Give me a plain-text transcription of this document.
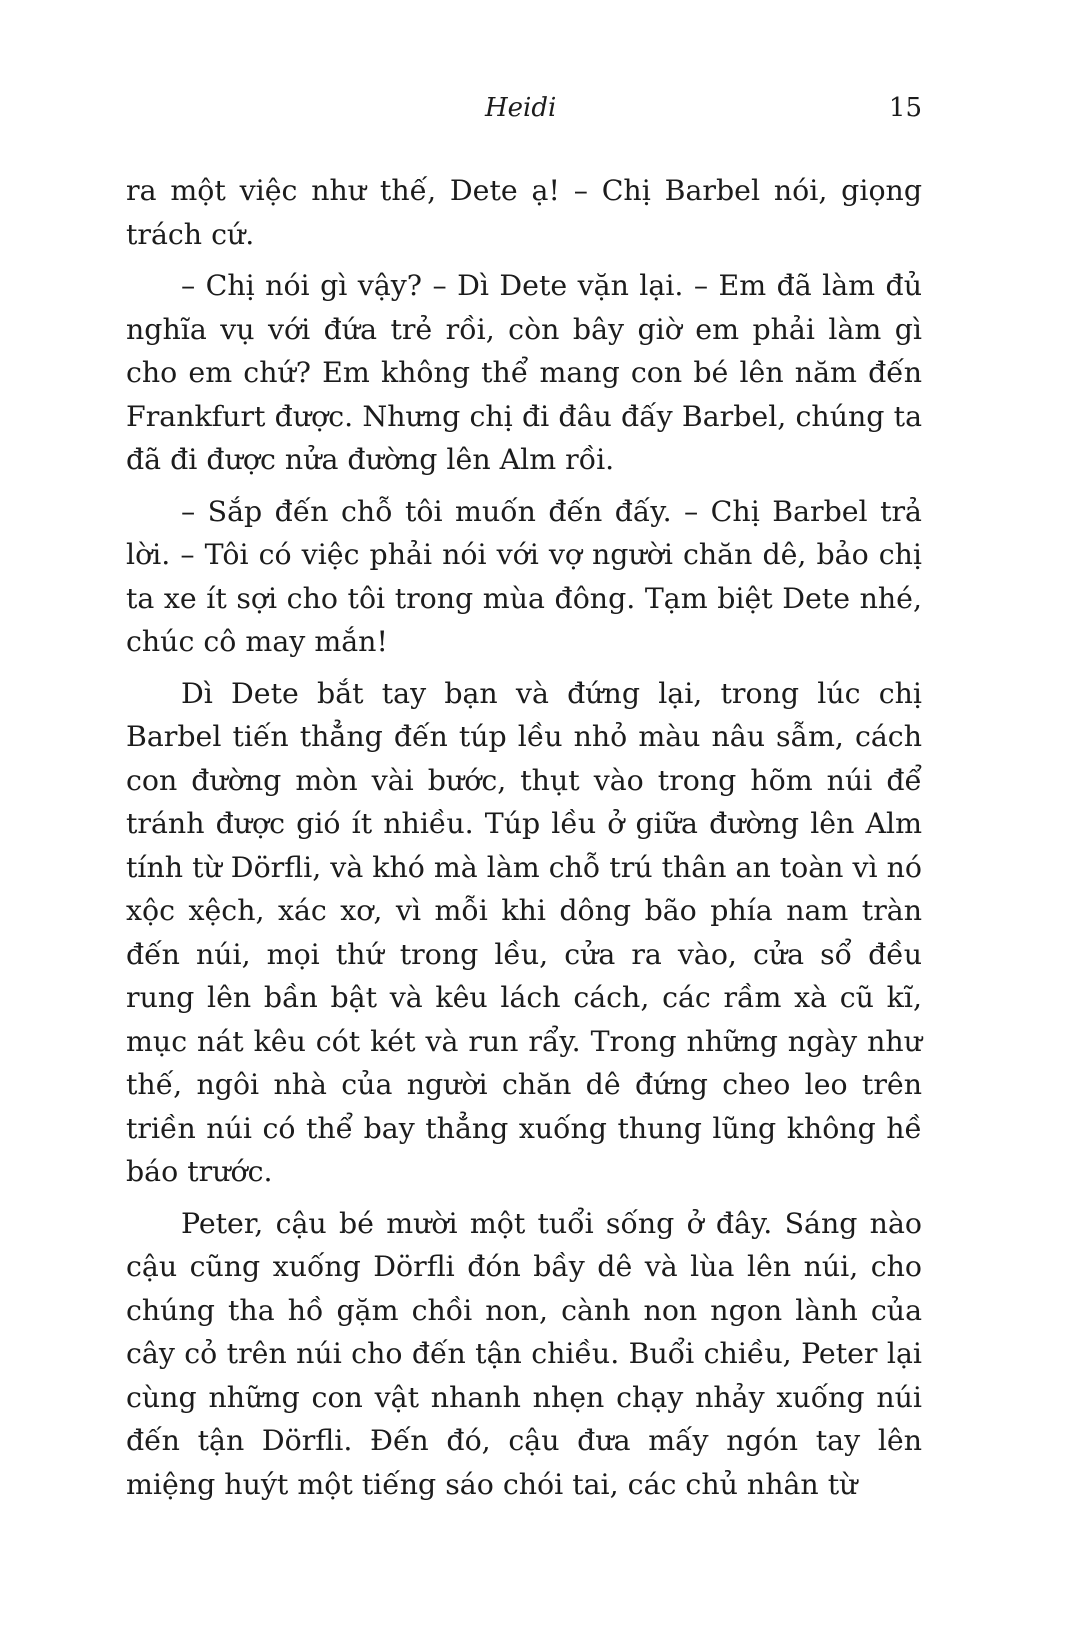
Heidi	15

ra một việc như thế, Dete ạ! – Chị Barbel nói, giọng trách cứ.

– Chị nói gì vậy? – Dì Dete vặn lại. – Em đã làm đủ nghĩa vụ với đứa trẻ rồi, còn bây giờ em phải làm gì cho em chứ? Em không thể mang con bé lên năm đến Frankfurt được. Nhưng chị đi đâu đấy Barbel, chúng ta đã đi được nửa đường lên Alm rồi.

– Sắp đến chỗ tôi muốn đến đấy. – Chị Barbel trả lời. – Tôi có việc phải nói với vợ người chăn dê, bảo chị ta xe ít sợi cho tôi trong mùa đông. Tạm biệt Dete nhé, chúc cô may mắn!

Dì Dete bắt tay bạn và đứng lại, trong lúc chị Barbel tiến thẳng đến túp lều nhỏ màu nâu sẫm, cách con đường mòn vài bước, thụt vào trong hõm núi để tránh được gió ít nhiều. Túp lều ở giữa đường lên Alm tính từ Dörfli, và khó mà làm chỗ trú thân an toàn vì nó xộc xệch, xác xơ, vì mỗi khi dông bão phía nam tràn đến núi, mọi thứ trong lều, cửa ra vào, cửa sổ đều rung lên bần bật và kêu lách cách, các rầm xà cũ kĩ, mục nát kêu cót két và run rẩy. Trong những ngày như thế, ngôi nhà của người chăn dê đứng cheo leo trên triền núi có thể bay thẳng xuống thung lũng không hề báo trước.

Peter, cậu bé mười một tuổi sống ở đây. Sáng nào cậu cũng xuống Dörfli đón bầy dê và lùa lên núi, cho chúng tha hồ gặm chồi non, cành non ngon lành của cây cỏ trên núi cho đến tận chiều. Buổi chiều, Peter lại cùng những con vật nhanh nhẹn chạy nhảy xuống núi đến tận Dörfli. Đến đó, cậu đưa mấy ngón tay lên miệng huýt một tiếng sáo chói tai, các chủ nhân từ
